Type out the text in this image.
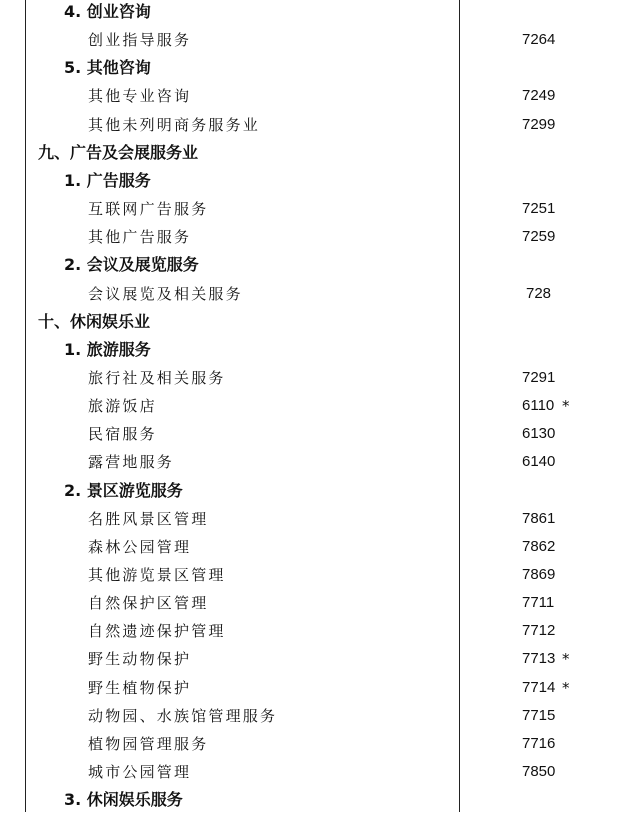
4. 创业咨询
创业指导服务	7264
5. 其他咨询
其他专业咨询	7249
其他未列明商务服务业	7299
九、广告及会展服务业
1. 广告服务
互联网广告服务	7251
其他广告服务	7259
2. 会议及展览服务
会议展览及相关服务	728
十、休闲娱乐业
1. 旅游服务
旅行社及相关服务	7291
旅游饭店	6110 *
民宿服务	6130
露营地服务	6140
2. 景区游览服务
名胜风景区管理	7861
森林公园管理	7862
其他游览景区管理	7869
自然保护区管理	7711
自然遗迹保护管理	7712
野生动物保护	7713 *
野生植物保护	7714 *
动物园、水族馆管理服务	7715
植物园管理服务	7716
城市公园管理	7850
3. 休闲娱乐服务
